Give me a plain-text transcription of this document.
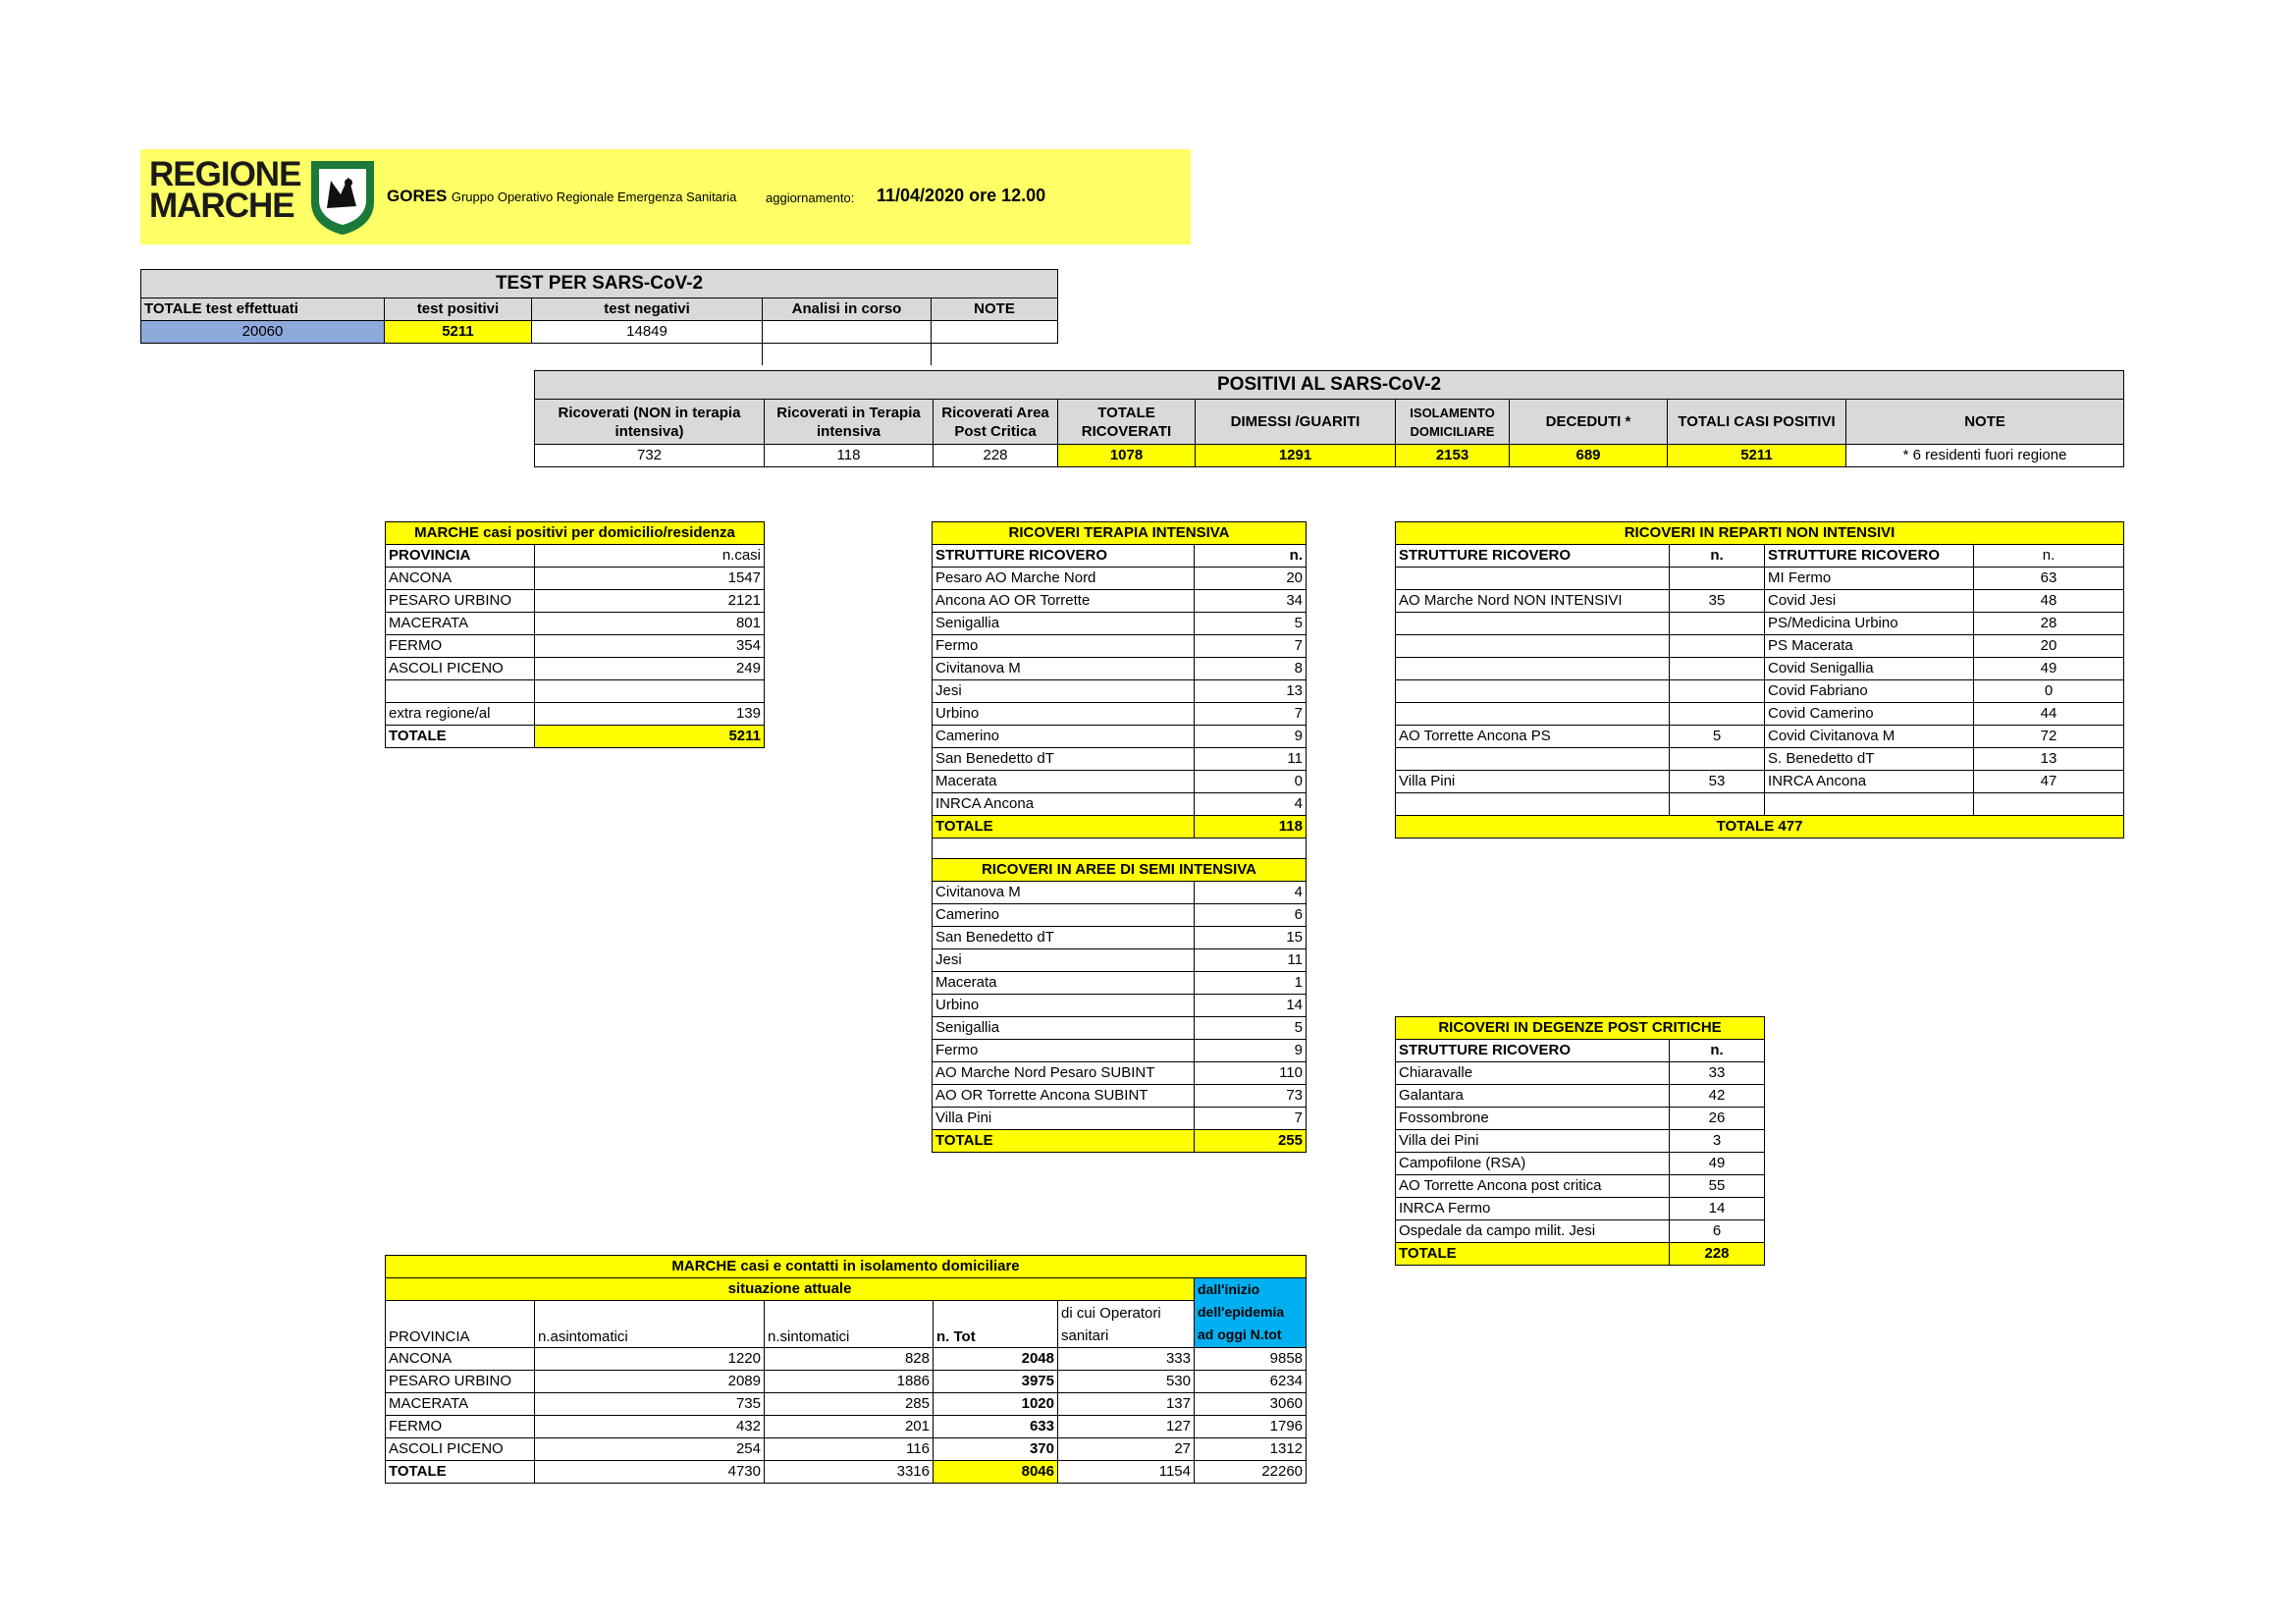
REGIONE
MARCHE	GORES Gruppo Operativo Regionale Emergenza Sanitaria aggiornamento: 11/04/2020 ore 12.00
TEST PER SARS-CoV-2				
TOTALE test effettuati	test positivi	test negativi	Analisi in corso	NOTE
20060	5211	14849		

POSITIVI AL SARS-CoV-2								
Ricoverati (NON in terapia intensiva)	Ricoverati in Terapia intensiva	Ricoverati Area Post Critica	TOTALE RICOVERATI	DIMESSI /GUARITI	ISOLAMENTO DOMICILIARE	DECEDUTI *	TOTALI CASI POSITIVI	NOTE
732	118	228	1078	1291	2153	689	5211	* 6 residenti fuori regione
MARCHE casi positivi per domicilio/residenza	
PROVINCIA	n.casi
ANCONA	1547
PESARO URBINO	2121
MACERATA	801
FERMO	354
ASCOLI PICENO	249

extra regione/al	139
TOTALE	5211
RICOVERI TERAPIA INTENSIVA	
STRUTTURE RICOVERO	n.
Pesaro AO Marche Nord	20
Ancona AO OR Torrette	34
Senigallia	5
Fermo	7
Civitanova M	8
Jesi	13
Urbino	7
Camerino	9
San Benedetto dT	11
Macerata	0
INRCA Ancona	4
TOTALE	118

RICOVERI IN AREE DI SEMI INTENSIVA	
Civitanova M	4
Camerino	6
San Benedetto dT	15
Jesi	11
Macerata	1
Urbino	14
Senigallia	5
Fermo	9
AO Marche Nord Pesaro SUBINT	110
AO OR Torrette Ancona SUBINT	73
Villa Pini	7
TOTALE	255
RICOVERI IN REPARTI NON INTENSIVI			
STRUTTURE RICOVERO	n.	STRUTTURE RICOVERO	n.
		MI Fermo	63
AO Marche Nord NON INTENSIVI	35	Covid Jesi	48
		PS/Medicina Urbino	28
		PS Macerata	20
		Covid Senigallia	49
		Covid Fabriano	0
		Covid Camerino	44
AO Torrette Ancona PS	5	Covid Civitanova M	72
		S. Benedetto dT	13
Villa Pini	53	INRCA Ancona	47

TOTALE 477			
RICOVERI IN DEGENZE POST CRITICHE	
STRUTTURE RICOVERO	n.
Chiaravalle	33
Galantara	42
Fossombrone	26
Villa dei Pini	3
Campofilone (RSA)	49
AO Torrette Ancona post critica	55
INRCA Fermo	14
Ospedale da campo milit. Jesi	6
TOTALE	228
MARCHE casi e contatti in isolamento domiciliare					
situazione attuale					dall'inizio dell'epidemia ad oggi N.tot
PROVINCIA	n.asintomatici	n.sintomatici	n. Tot	di cui Operatori sanitari	
ANCONA	1220	828	2048	333	9858
PESARO URBINO	2089	1886	3975	530	6234
MACERATA	735	285	1020	137	3060
FERMO	432	201	633	127	1796
ASCOLI PICENO	254	116	370	27	1312
TOTALE	4730	3316	8046	1154	22260
